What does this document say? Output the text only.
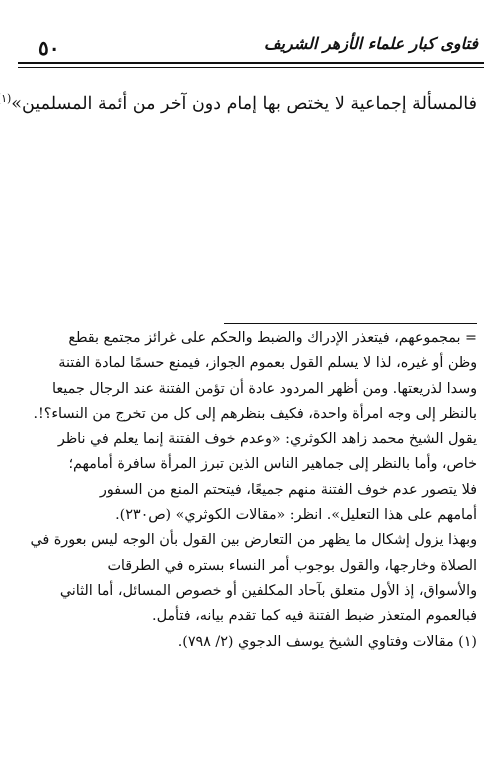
٥٠	فتاوى كبار علماء الأزهر الشريف
فالمسألة إجماعية لا يختص بها إمام دون آخر من أئمة المسلمين»$^{(١}$
= بمجموعهم، فيتعذر الإدراك والضبط والحكم على غرائز مجتمع بقطع
وظن أو غيره، لذا لا يسلم القول بعموم الجواز، فيمنع حسمًا لمادة الفتنة
وسدا لذريعتها. ومن أظهر المردود عادة أن تؤمن الفتنة عند الرجال جميعا
بالنظر إلى وجه امرأة واحدة، فكيف بنظرهم إلى كل من تخرج من النساء؟!.
يقول الشيخ محمد زاهد الكوثري: «وعدم خوف الفتنة إنما يعلم في ناظر
خاص، وأما بالنظر إلى جماهير الناس الذين تبرز المرأة سافرة أمامهم؛
فلا يتصور عدم خوف الفتنة منهم جميعًا، فيتحتم المنع من السفور
أمامهم على هذا التعليل». انظر: «مقالات الكوثري» (ص٢٣٠).
وبهذا يزول إشكال ما يظهر من التعارض بين القول بأن الوجه ليس بعورة في
الصلاة وخارجها، والقول بوجوب أمر النساء بستره في الطرقات
والأسواق، إذ الأول متعلق بآحاد المكلفين أو خصوص المسائل، أما الثاني
فبالعموم المتعذر ضبط الفتنة فيه كما تقدم بيانه، فتأمل.
(١) مقالات وفتاوي الشيخ يوسف الدجوي (٢/ ٧٩٨).
